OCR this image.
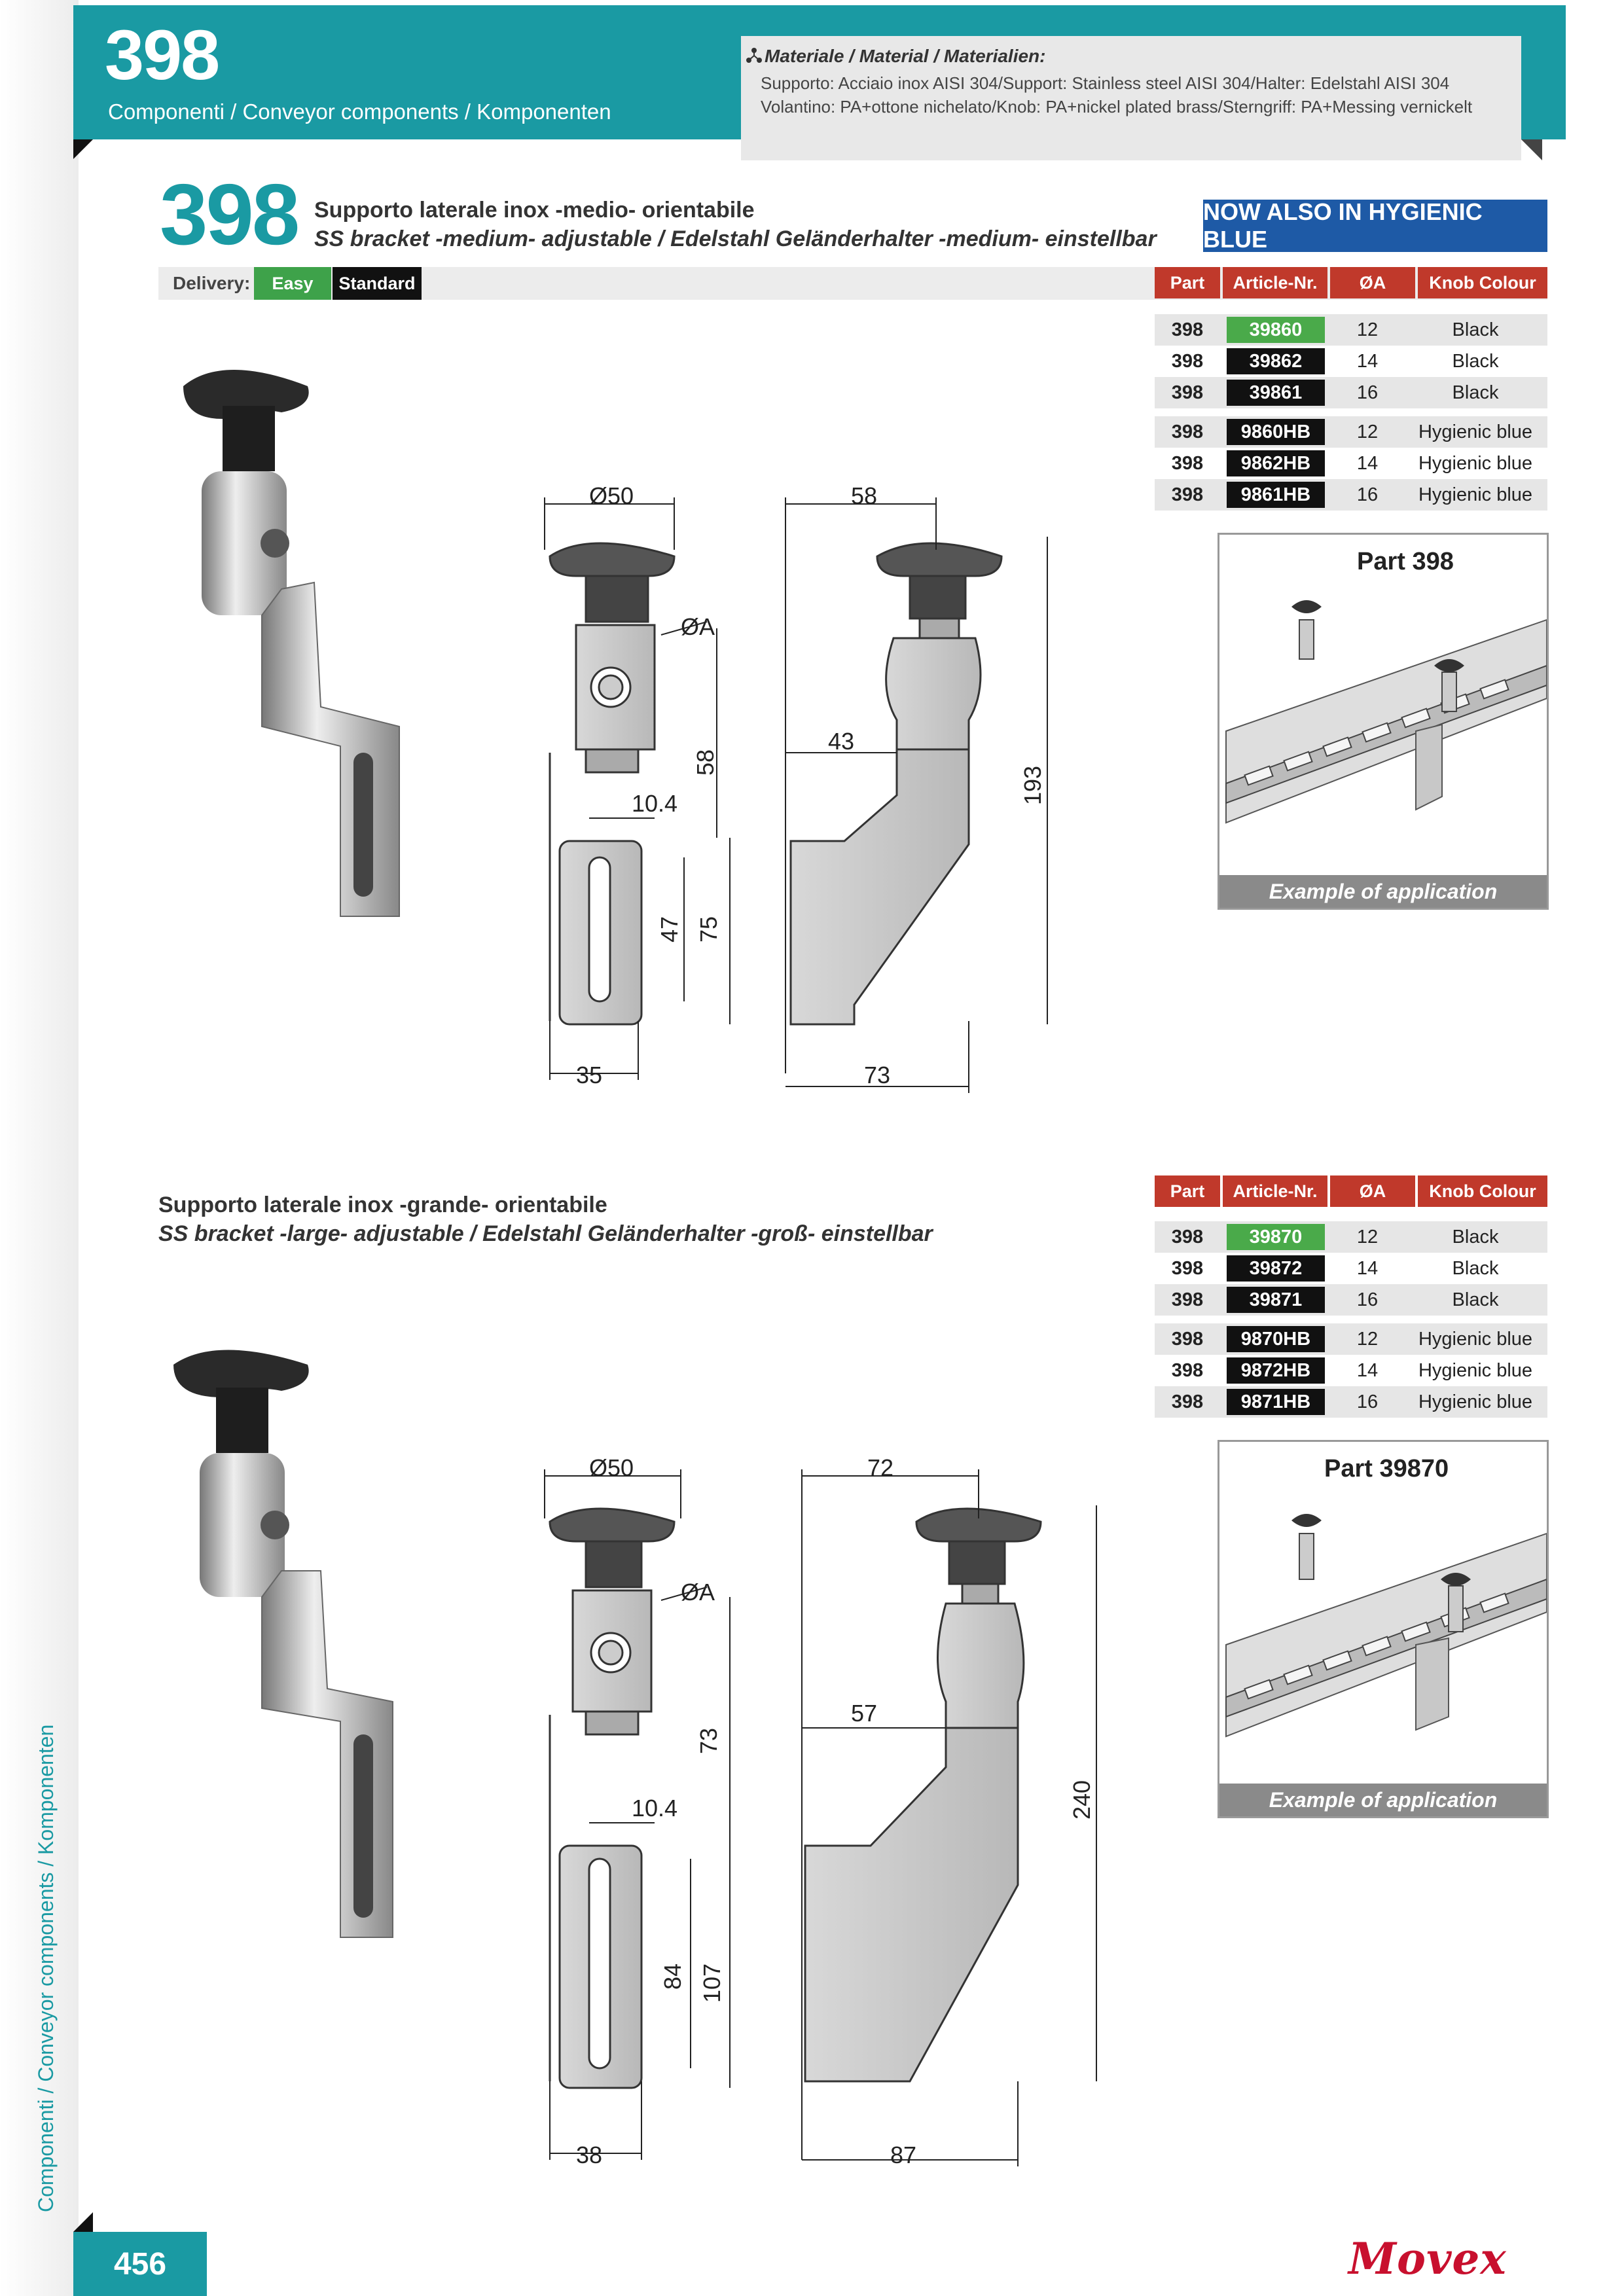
398
Componenti / Conveyor components / Komponenten
Materiale / Material / Materialien:
Supporto: Acciaio inox AISI 304/Support: Stainless steel AISI 304/Halter: Edelstahl AISI 304
Volantino: PA+ottone nichelato/Knob: PA+nickel plated brass/Sterngriff: PA+Messing vernickelt
398 Supporto laterale inox -medio- orientabile
SS bracket -medium- adjustable / Edelstahl Geländerhalter -medium- einstellbar
NOW ALSO IN HYGIENIC BLUE
Delivery:	Easy	Standard	Part	Article-Nr.	ØA	Knob Colour
398	39860	12	Black
398	39862	14	Black
398	39861	16	Black
398	9860HB	12	Hygienic blue
398	9862HB	14	Hygienic blue
398	9861HB	16	Hygienic blue
Part 398
Example of application
Ø50
ØA
58
43
193
10.4
58
47 75
35	73
Ø50
ØA
72
57
240
10.4
73
84 107
38	87
Supporto laterale inox -grande- orientabile
SS bracket -large- adjustable / Edelstahl Geländerhalter -groß- einstellbar
Part	Article-Nr.	ØA	Knob Colour
398	39870	12	Black
398	39872	14	Black
398	39871	16	Black
398	9870HB	12	Hygienic blue
398	9872HB	14	Hygienic blue
398	9871HB	16	Hygienic blue
Part 39870
Example of application
Componenti / Conveyor components / Komponenten
456	Movex
